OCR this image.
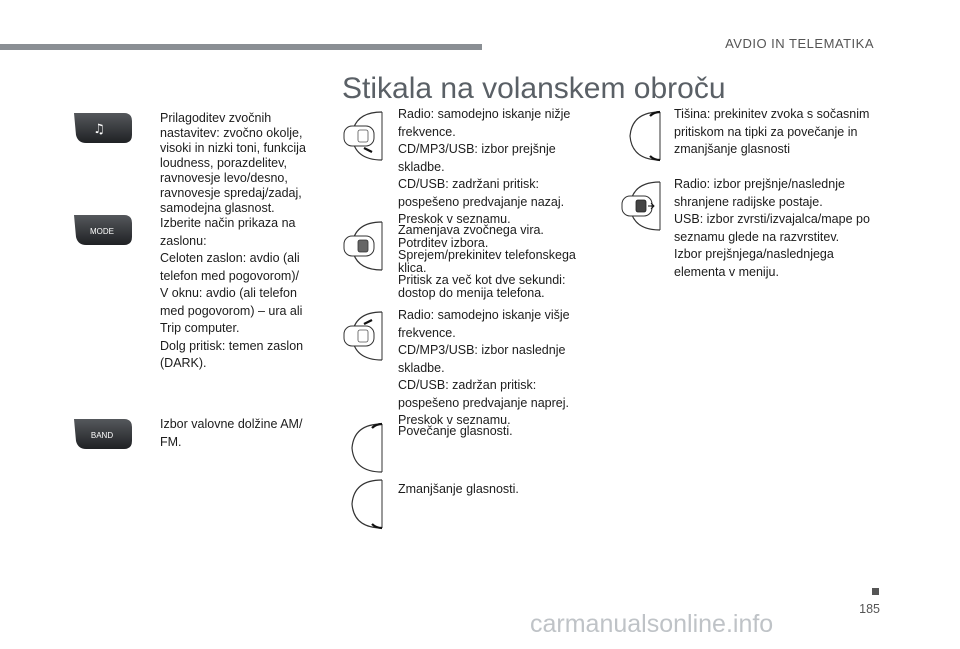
AVDIO IN TELEMATIKA
Stikala na volanskem obroču
♫
MODE
BAND

Prilagoditev zvočnih

nastavitev: zvočno okolje,

visoki in nizki toni, funkcija

loudness, porazdelitev,

ravnovesje levo/desno,

ravnovesje spredaj/zadaj,

samodejna glasnost.

Izberite način prikaza na

zaslonu:

Celoten zaslon: avdio (ali

telefon med pogovorom)/

V oknu: avdio (ali telefon

med pogovorom) – ura ali

Trip computer.

Dolg pritisk: temen zaslon

(DARK).

Izbor valovne dolžine AM/

FM.

Radio: samodejno iskanje nižje

frekvence.

CD/MP3/USB: izbor prejšnje

skladbe.

CD/USB: zadržani pritisk:

pospešeno predvajanje nazaj.

Preskok v seznamu.

Zamenjava zvočnega vira.

Potrditev izbora.

Sprejem/prekinitev telefonskega

klica.

Pritisk za več kot dve sekundi:

dostop do menija telefona.

Radio: samodejno iskanje višje

frekvence.

CD/MP3/USB: izbor naslednje

skladbe.

CD/USB: zadržan pritisk:

pospešeno predvajanje naprej.

Preskok v seznamu.

Povečanje glasnosti.
Zmanjšanje glasnosti.

Tišina: prekinitev zvoka s sočasnim

pritiskom na tipki za povečanje in

zmanjšanje glasnosti

Radio: izbor prejšnje/naslednje

shranjene radijske postaje.

USB: izbor zvrsti/izvajalca/mape po

seznamu glede na razvrstitev.

Izbor prejšnjega/naslednjega

elementa v meniju.

185
carmanualsonline.info
